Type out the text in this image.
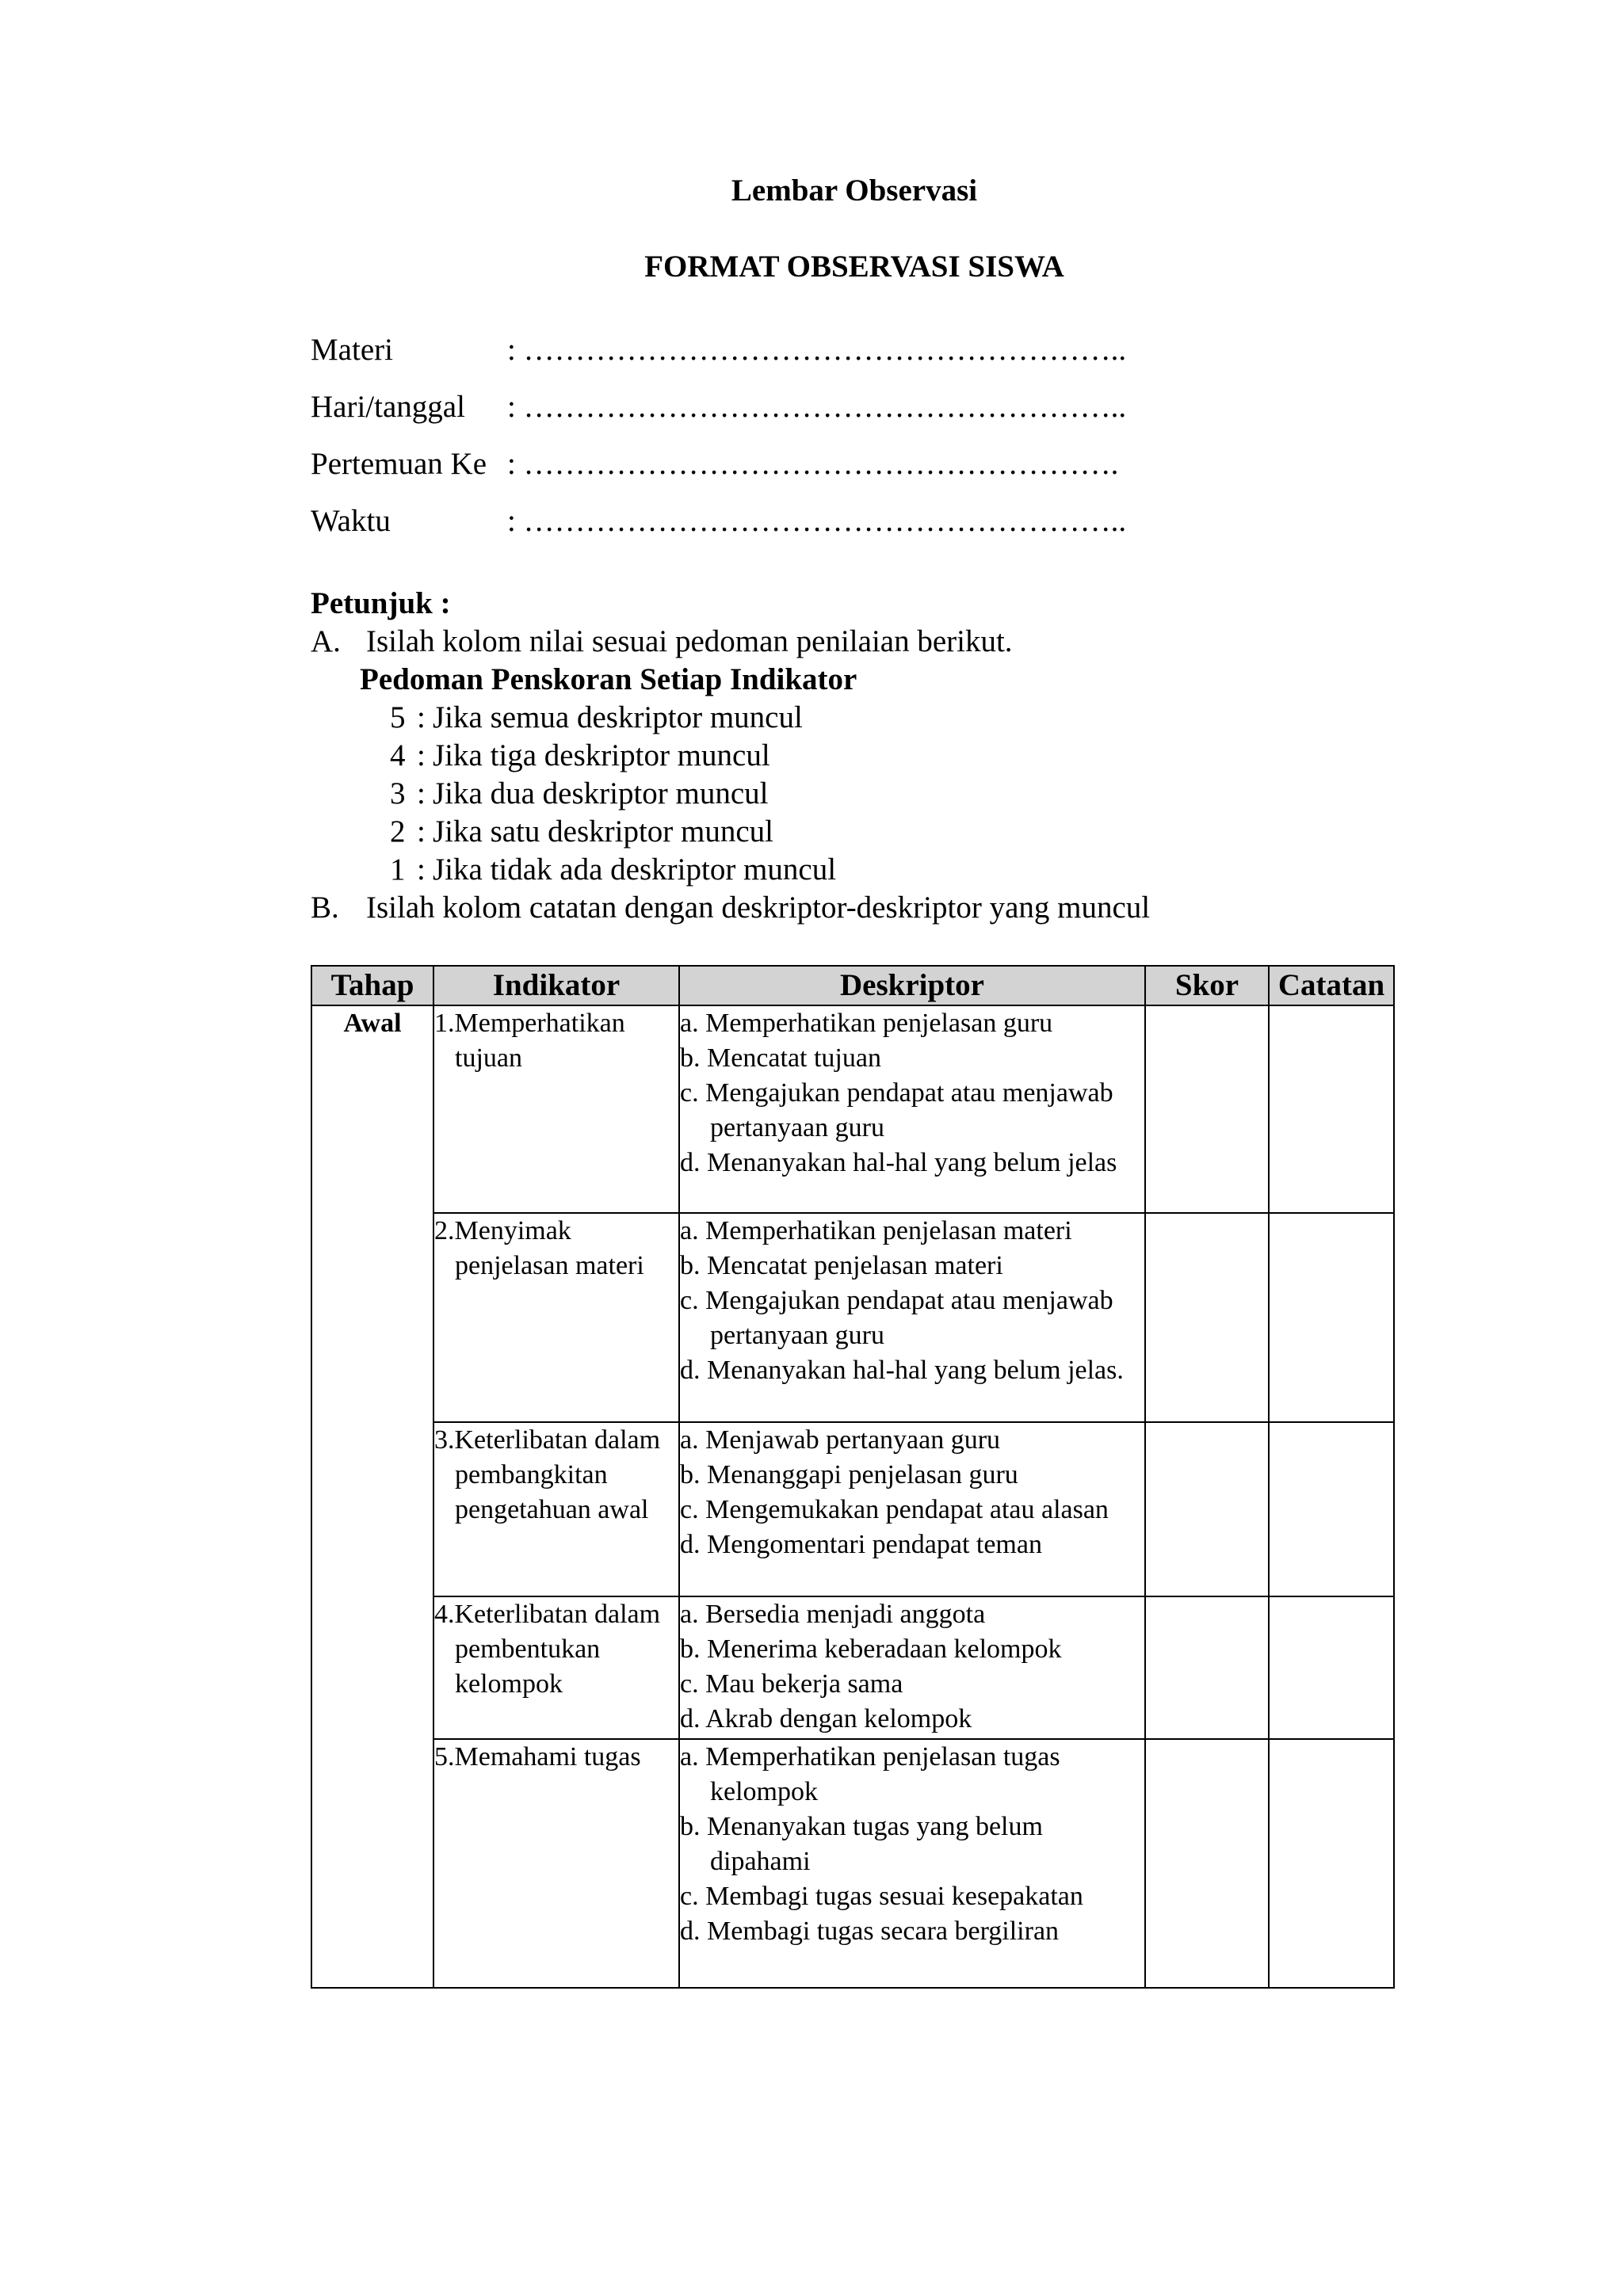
Lembar Observasi
FORMAT OBSERVASI SISWA
Materi	: …………………………………………………..
Hari/tanggal	: …………………………………………………..
Pertemuan Ke : ………………………………………………….
Waktu	: …………………………………………………..
Petunjuk :
A. Isilah kolom nilai sesuai pedoman penilaian berikut.
Pedoman Penskoran Setiap Indikator
5 : Jika semua deskriptor muncul
4 : Jika tiga deskriptor muncul
3 : Jika dua deskriptor muncul
2 : Jika satu deskriptor muncul
1 : Jika tidak ada deskriptor muncul
B. Isilah kolom catatan dengan deskriptor-deskriptor yang muncul
Tahap	Indikator	Deskriptor	Skor	Catatan
Awal	1.Memperhatikan tujuan	a. Memperhatikan penjelasan guru
b. Mencatat tujuan
c. Mengajukan pendapat atau menjawab pertanyaan guru
d. Menanyakan hal-hal yang belum jelas		

	2.Menyimak penjelasan materi	a. Memperhatikan penjelasan materi
b. Mencatat penjelasan materi
c. Mengajukan pendapat atau menjawab pertanyaan guru
d. Menanyakan hal-hal yang belum jelas.		

	3.Keterlibatan dalam pembangkitan pengetahuan awal	a. Menjawab pertanyaan guru
b. Menanggapi penjelasan guru
c. Mengemukakan pendapat atau alasan
d. Mengomentari pendapat teman		

	4.Keterlibatan dalam pembentukan kelompok	a. Bersedia menjadi anggota
b. Menerima keberadaan kelompok
c. Mau bekerja sama
d. Akrab dengan kelompok		

	5.Memahami tugas	a. Memperhatikan penjelasan tugas kelompok
b. Menanyakan tugas yang belum dipahami
c. Membagi tugas sesuai kesepakatan
d. Membagi tugas secara bergiliran		
